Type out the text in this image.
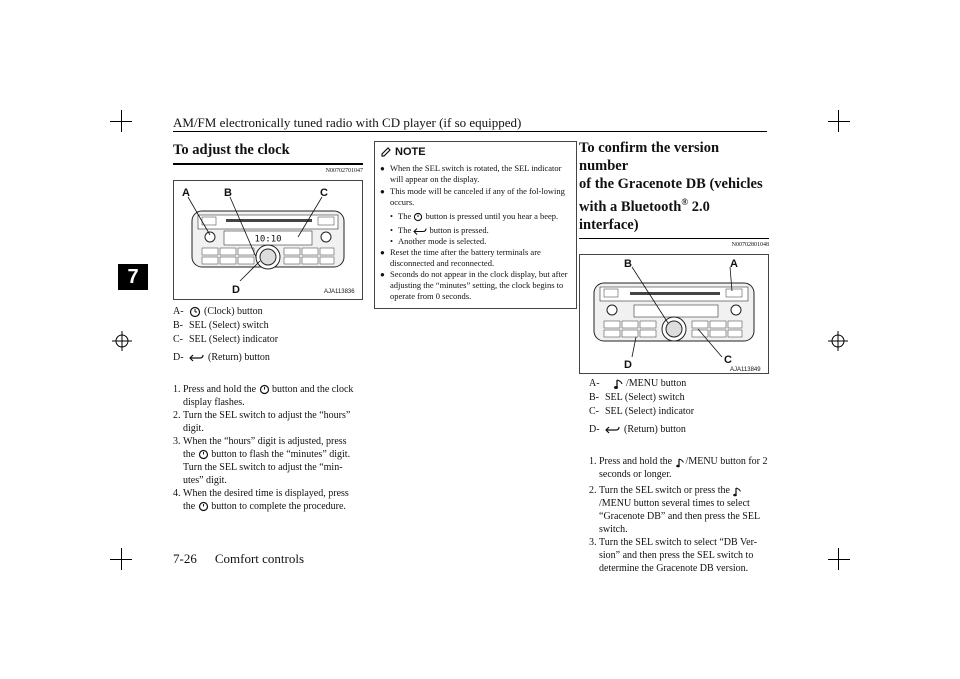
AM/FM electronically tuned radio with CD player (if so equipped)
7
To adjust the clock
N00702701047
10:10
A	B	C
D	AJA113836
A-	(Clock) button
B- SEL (Select) switch
C- SEL (Select) indicator
D-	(Return) button
1. Press and hold the button and the clock display flashes.
2. Turn the SEL switch to adjust the “hours” digit.
3. When the “hours” digit is adjusted, press the button to flash the “minutes” digit. Turn the SEL switch to adjust the “min-utes” digit.
4. When the desired time is displayed, press the button to complete the procedure.
NOTE
● When the SEL switch is rotated, the SEL indicator will appear on the display.
● This mode will be canceled if any of the fol-lowing occurs.
• The button is pressed until you hear a beep.
• The button is pressed.
• Another mode is selected.
● Reset the time after the battery terminals are disconnected and reconnected.
● Seconds do not appear in the clock display, but after adjusting the “minutes” setting, the clock begins to operate from 0 seconds.
To confirm the version number
of the Gracenote DB (vehicles
with a Bluetooth® 2.0 interface)
N00702801048
B	A
D	C
AJA113849
A-	/MENU button
B- SEL (Select) switch
C- SEL (Select) indicator
D-	(Return) button
1. Press and hold the /MENU button for 2 seconds or longer.
2. Turn the SEL switch or press the /MENU button several times to select “Gracenote DB” and then press the SEL switch.
3. Turn the SEL switch to select “DB Ver-sion” and then press the SEL switch to determine the Gracenote DB version.
7-26 Comfort controls
